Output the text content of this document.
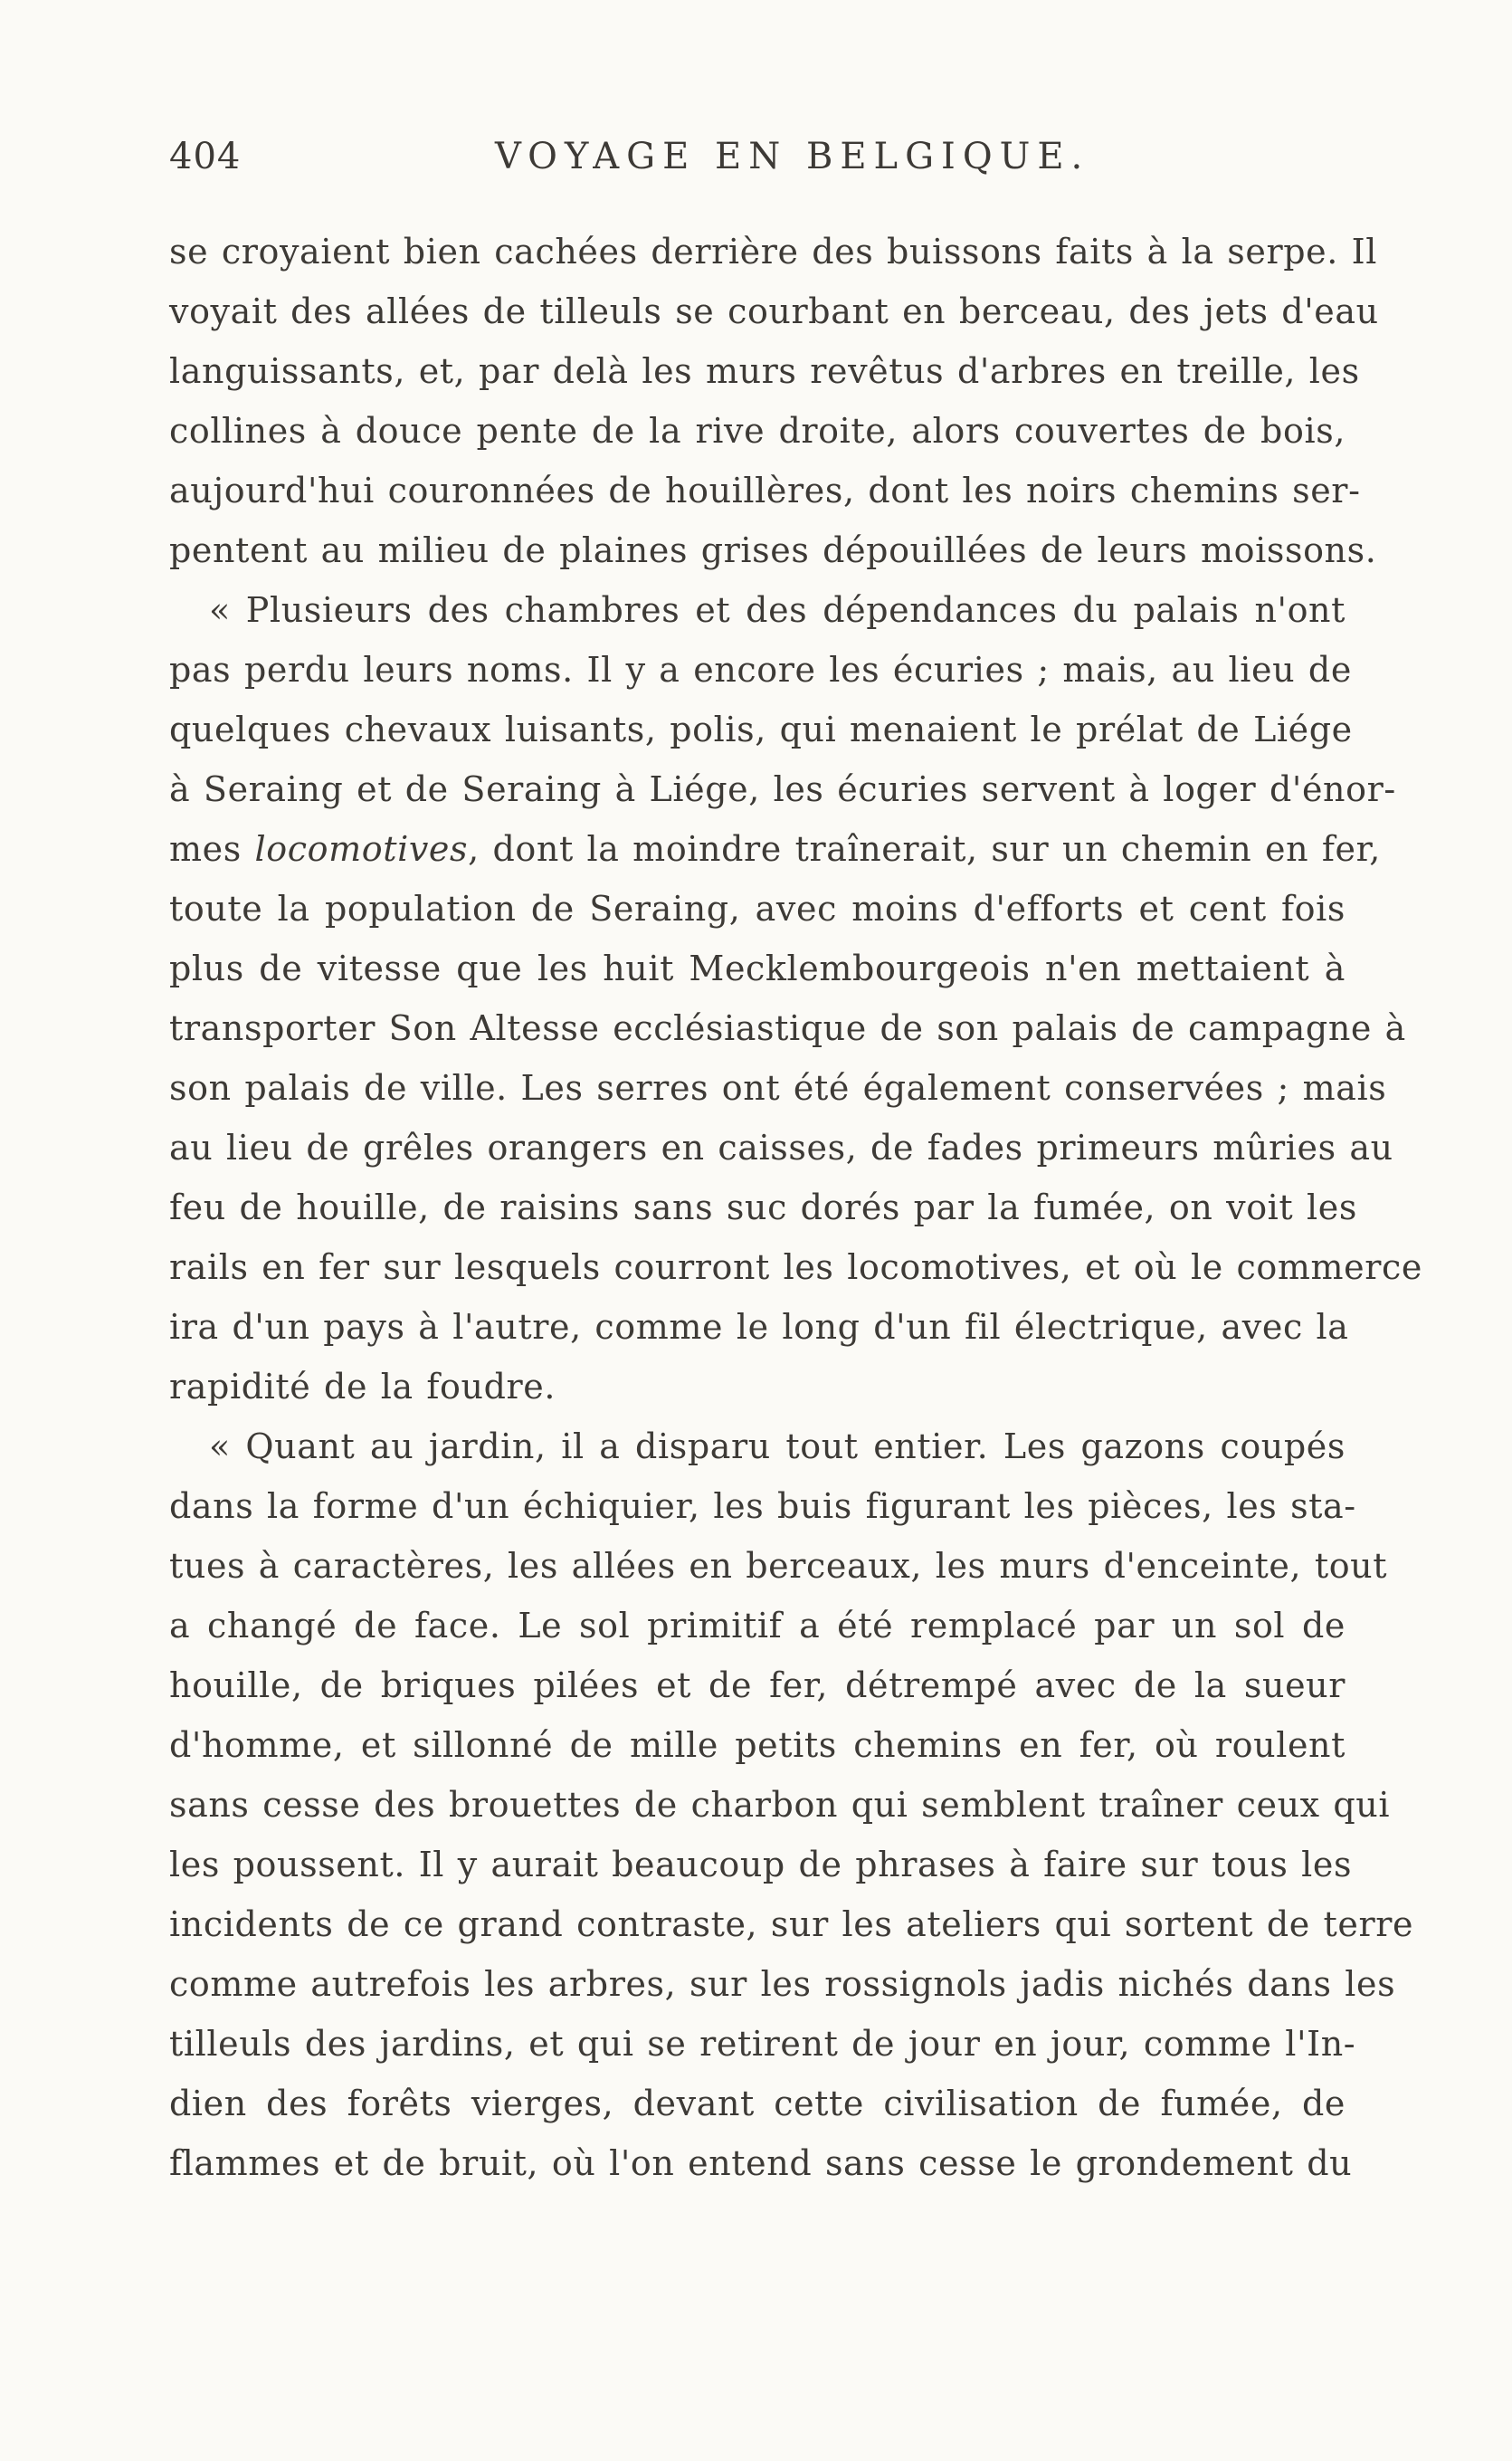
404	VOYAGE EN BELGIQUE.
se croyaient bien cachées derrière des buissons faits à la serpe. Il
voyait des allées de tilleuls se courbant en berceau, des jets d'eau
languissants, et, par delà les murs revêtus d'arbres en treille, les
collines à douce pente de la rive droite, alors couvertes de bois,
aujourd'hui couronnées de houillères, dont les noirs chemins ser-
pentent au milieu de plaines grises dépouillées de leurs moissons.
« Plusieurs des chambres et des dépendances du palais n'ont
pas perdu leurs noms. Il y a encore les écuries ; mais, au lieu de
quelques chevaux luisants, polis, qui menaient le prélat de Liége
à Seraing et de Seraing à Liége, les écuries servent à loger d'énor-
mes locomotives, dont la moindre traînerait, sur un chemin en fer,
toute la population de Seraing, avec moins d'efforts et cent fois
plus de vitesse que les huit Mecklembourgeois n'en mettaient à
transporter Son Altesse ecclésiastique de son palais de campagne à
son palais de ville. Les serres ont été également conservées ; mais
au lieu de grêles orangers en caisses, de fades primeurs mûries au
feu de houille, de raisins sans suc dorés par la fumée, on voit les
rails en fer sur lesquels courront les locomotives, et où le commerce
ira d'un pays à l'autre, comme le long d'un fil électrique, avec la
rapidité de la foudre.
« Quant au jardin, il a disparu tout entier. Les gazons coupés
dans la forme d'un échiquier, les buis figurant les pièces, les sta-
tues à caractères, les allées en berceaux, les murs d'enceinte, tout
a changé de face. Le sol primitif a été remplacé par un sol de
houille, de briques pilées et de fer, détrempé avec de la sueur
d'homme, et sillonné de mille petits chemins en fer, où roulent
sans cesse des brouettes de charbon qui semblent traîner ceux qui
les poussent. Il y aurait beaucoup de phrases à faire sur tous les
incidents de ce grand contraste, sur les ateliers qui sortent de terre
comme autrefois les arbres, sur les rossignols jadis nichés dans les
tilleuls des jardins, et qui se retirent de jour en jour, comme l'In-
dien des forêts vierges, devant cette civilisation de fumée, de
flammes et de bruit, où l'on entend sans cesse le grondement du
